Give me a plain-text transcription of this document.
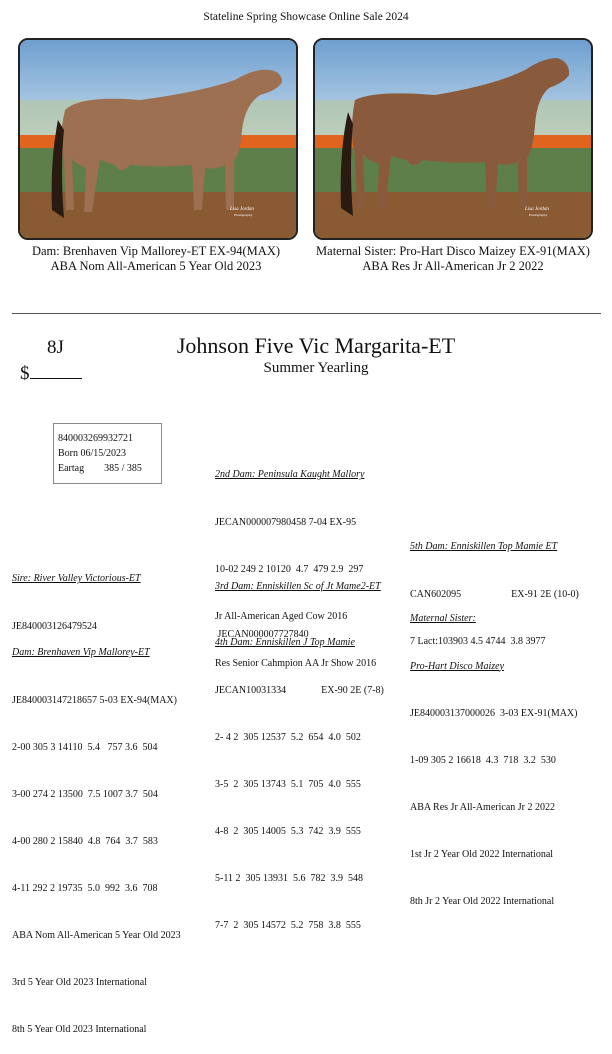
Stateline Spring Showcase Online Sale 2024
Lisa Jordan
Photography
Lisa Jordan
Photography
Dam: Brenhaven Vip Mallorey-ET EX-94(MAX)
ABA Nom All-American 5 Year Old 2023
Maternal Sister: Pro-Hart Disco Maizey EX-91(MAX)
ABA Res Jr All-American Jr 2 2022
8J
$
Johnson Five Vic Margarita-ET
Summer Yearling
840003269932721
Born 06/15/2023
Eartag        385 / 385

2nd Dam: Peninsula Kaught Mallory

JECAN000007980458 7-04 EX-95

10-02 249 2 10120  4.7  479 2.9  297

Jr All-American Aged Cow 2016

Res Senior Cahmpion AA Jr Show 2016

5th Dam: Enniskillen Top Mamie ET

CAN602095                    EX-91 2E (10-0)

7 Lact:103903 4.5 4744  3.8 3977

Sire: River Valley Victorious-ET

JE840003126479524

3rd Dam: Enniskillen Sc of Jt Mame2-ET

JECAN000007727840

Maternal Sister:

Pro-Hart Disco Maizey

JE840003137000026  3-03 EX-91(MAX)

1-09 305 2 16618  4.3  718  3.2  530

ABA Res Jr All-American Jr 2 2022

1st Jr 2 Year Old 2022 International

8th Jr 2 Year Old 2022 International

4th Dam: Enniskillen J Top Mamie

JECAN10031334              EX-90 2E (7-8)

2- 4 2  305 12537  5.2  654  4.0  502

3-5  2  305 13743  5.1  705  4.0  555

4-8  2  305 14005  5.3  742  3.9  555

5-11 2  305 13931  5.6  782  3.9  548

7-7  2  305 14572  5.2  758  3.8  555

Dam: Brenhaven Vip Mallorey-ET

JE840003147218657 5-03 EX-94(MAX)

2-00 305 3 14110  5.4   757 3.6  504

3-00 274 2 13500  7.5 1007 3.7  504

4-00 280 2 15840  4.8  764  3.7  583

4-11 292 2 19735  5.0  992  3.6  708

ABA Nom All-American 5 Year Old 2023

3rd 5 Year Old 2023 International

8th 5 Year Old 2023 International
